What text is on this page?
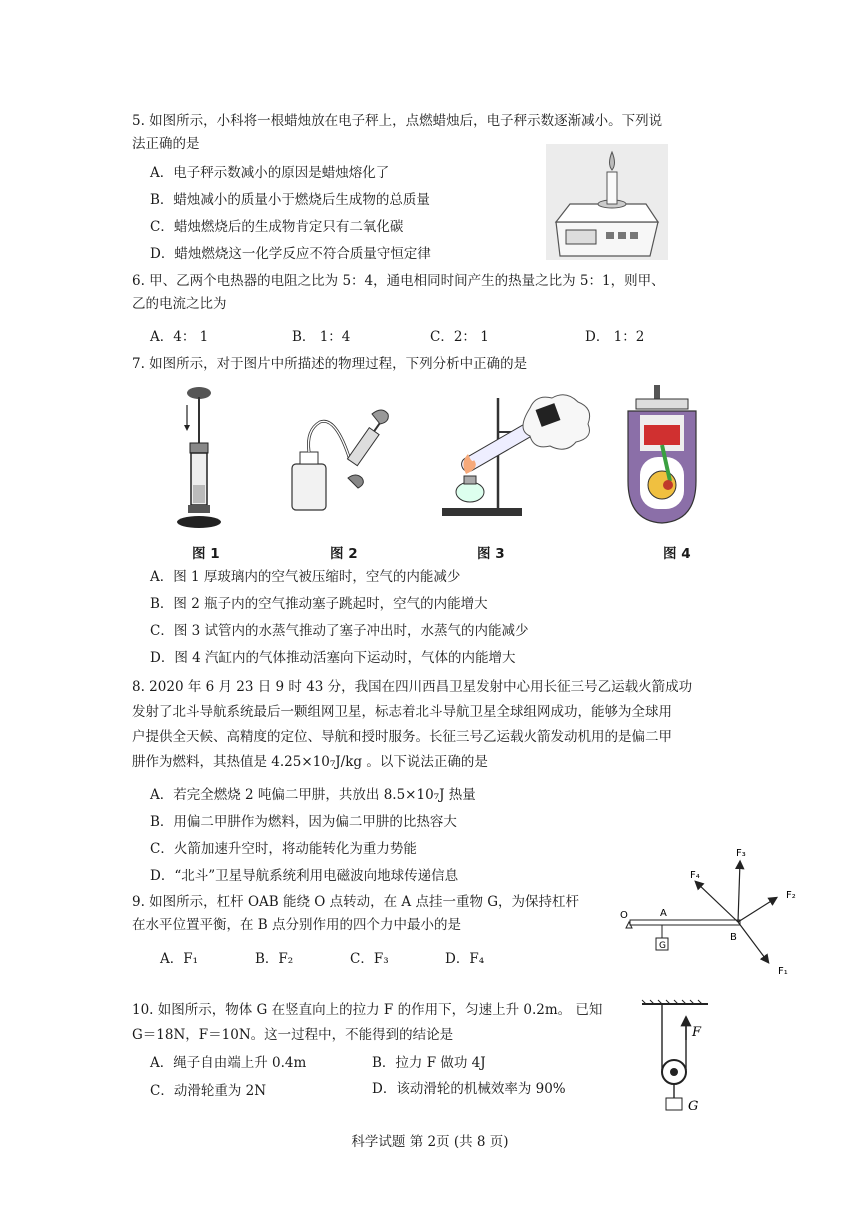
5. 如图所示，小科将一根蜡烛放在电子秤上，点燃蜡烛后，电子秤示数逐渐减小。下列说
法正确的是
A．电子秤示数减小的原因是蜡烛熔化了
B．蜡烛减小的质量小于燃烧后生成物的总质量
C．蜡烛燃烧后的生成物肯定只有二氧化碳
D．蜡烛燃烧这一化学反应不符合质量守恒定律
6. 甲、乙两个电热器的电阻之比为 5：4，通电相同时间产生的热量之比为 5：1，则甲、
乙的电流之比为
A．4： 1	B． 1：4	C．2： 1	D． 1：2
7. 如图所示，对于图片中所描述的物理过程，下列分析中正确的是
图 1	图 2	图 3	图 4
A．图 1 厚玻璃内的空气被压缩时，空气的内能减少
B．图 2 瓶子内的空气推动塞子跳起时，空气的内能增大
C．图 3 试管内的水蒸气推动了塞子冲出时，水蒸气的内能减少
D．图 4 汽缸内的气体推动活塞向下运动时，气体的内能增大
8. 2020 年 6 月 23 日 9 时 43 分，我国在四川西昌卫星发射中心用长征三号乙运载火箭成功
发射了北斗导航系统最后一颗组网卫星，标志着北斗导航卫星全球组网成功，能够为全球用
户提供全天候、高精度的定位、导航和授时服务。长征三号乙运载火箭发动机用的是偏二甲
肼作为燃料，其热值是 4.25×10₇J/kg 。以下说法正确的是
A．若完全燃烧 2 吨偏二甲肼，共放出 8.5×10₇J 热量
B．用偏二甲肼作为燃料，因为偏二甲肼的比热容大
C．火箭加速升空时，将动能转化为重力势能
D．“北斗”卫星导航系统利用电磁波向地球传递信息
9. 如图所示，杠杆 OAB 能绕 O 点转动，在 A 点挂一重物 G，为保持杠杆
在水平位置平衡，在 B 点分别作用的四个力中最小的是
A．F₁	B．F₂	C．F₃	D．F₄
O	A
B
G
F₁
F₂
F₃
F₄
10. 如图所示，物体 G 在竖直向上的拉力 F 的作用下，匀速上升 0.2m。 已知
G＝18N，F＝10N。这一过程中，不能得到的结论是
A．绳子自由端上升 0.4m	B．拉力 F 做功 4J
C．动滑轮重为 2N	D．该动滑轮的机械效率为 90%
F
G
科学试题 第 2页 (共 8 页)
